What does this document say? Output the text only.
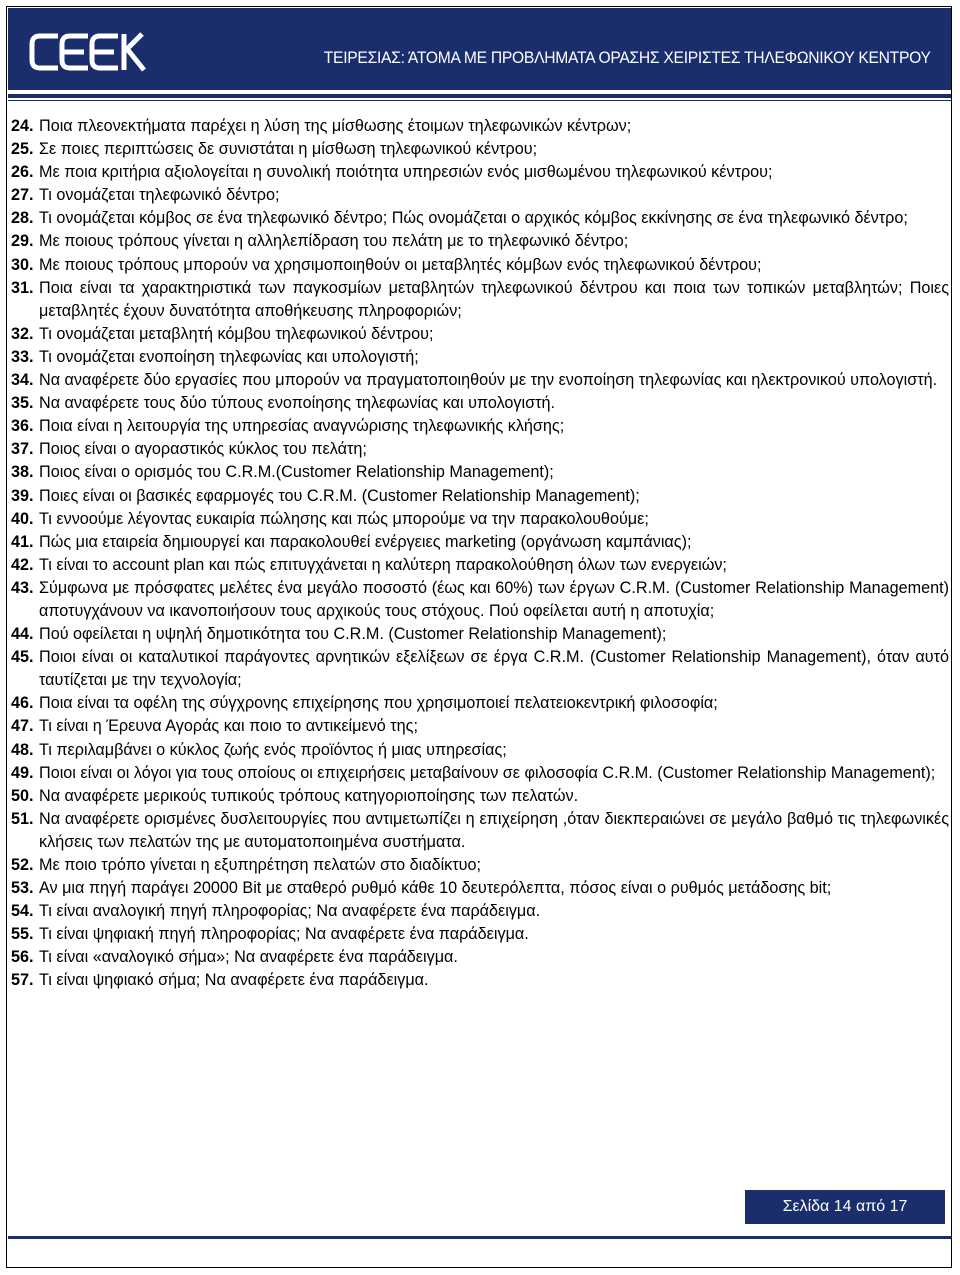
ΤΕΙΡΕΣΙΑΣ: ΆΤΟΜΑ ΜΕ ΠΡΟΒΛΗΜΑΤΑ ΟΡΑΣΗΣ ΧΕΙΡΙΣΤΕΣ ΤΗΛΕΦΩΝΙΚΟΥ ΚΕΝΤΡΟΥ
24. Ποια πλεονεκτήματα παρέχει η λύση της μίσθωσης έτοιμων τηλεφωνικών κέντρων;
25. Σε ποιες περιπτώσεις δε συνιστάται η μίσθωση τηλεφωνικού κέντρου;
26. Με ποια κριτήρια αξιολογείται η συνολική ποιότητα υπηρεσιών ενός μισθωμένου τηλεφωνικού κέντρου;
27. Τι ονομάζεται τηλεφωνικό δέντρο;
28. Τι ονομάζεται κόμβος σε ένα τηλεφωνικό δέντρο; Πώς ονομάζεται ο αρχικός κόμβος εκκίνησης σε ένα τηλεφωνικό δέντρο;
29. Με ποιους τρόπους γίνεται η αλληλεπίδραση του πελάτη με το τηλεφωνικό δέντρο;
30. Με ποιους τρόπους μπορούν να χρησιμοποιηθούν οι μεταβλητές κόμβων ενός τηλεφωνικού δέντρου;
31. Ποια είναι τα χαρακτηριστικά των παγκοσμίων μεταβλητών τηλεφωνικού δέντρου και ποια των τοπικών μεταβλητών; Ποιες μεταβλητές έχουν δυνατότητα αποθήκευσης πληροφοριών;
32. Τι ονομάζεται μεταβλητή κόμβου τηλεφωνικού δέντρου;
33. Τι ονομάζεται ενοποίηση τηλεφωνίας και υπολογιστή;
34. Να αναφέρετε δύο εργασίες που μπορούν να πραγματοποιηθούν με την ενοποίηση τηλεφωνίας και ηλεκτρονικού υπολογιστή.
35. Να αναφέρετε τους δύο τύπους ενοποίησης τηλεφωνίας και υπολογιστή.
36. Ποια είναι η λειτουργία της υπηρεσίας αναγνώρισης τηλεφωνικής κλήσης;
37. Ποιος είναι ο αγοραστικός κύκλος του πελάτη;
38. Ποιος είναι ο ορισμός του C.R.M.(Customer Relationship Management);
39. Ποιες είναι οι βασικές εφαρμογές του C.R.M. (Customer Relationship Management);
40. Τι εννοούμε λέγοντας ευκαιρία πώλησης και πώς μπορούμε να την παρακολουθούμε;
41. Πώς μια εταιρεία δημιουργεί και παρακολουθεί ενέργειες marketing (οργάνωση καμπάνιας);
42. Τι είναι το account plan και πώς επιτυγχάνεται η καλύτερη παρακολούθηση όλων των ενεργειών;
43. Σύμφωνα με πρόσφατες μελέτες ένα μεγάλο ποσοστό (έως και 60%) των έργων C.R.M. (Customer Relationship Management) αποτυγχάνουν να ικανοποιήσουν τους αρχικούς τους στόχους. Πού οφείλεται αυτή η αποτυχία;
44. Πού οφείλεται η υψηλή δημοτικότητα του C.R.M. (Customer Relationship Management);
45. Ποιοι είναι οι καταλυτικοί παράγοντες αρνητικών εξελίξεων σε έργα C.R.M. (Customer Relationship Management), όταν αυτό ταυτίζεται με την τεχνολογία;
46. Ποια είναι τα οφέλη της σύγχρονης επιχείρησης που χρησιμοποιεί πελατειοκεντρική φιλοσοφία;
47. Τι είναι η Έρευνα Αγοράς και ποιο το αντικείμενό της;
48. Τι περιλαμβάνει ο κύκλος ζωής ενός προϊόντος ή μιας υπηρεσίας;
49. Ποιοι είναι οι λόγοι για τους οποίους οι επιχειρήσεις μεταβαίνουν σε φιλοσοφία C.R.M. (Customer Relationship Management);
50. Να αναφέρετε μερικούς τυπικούς τρόπους κατηγοριοποίησης των πελατών.
51. Να αναφέρετε ορισμένες δυσλειτουργίες που αντιμετωπίζει η επιχείρηση ,όταν διεκπεραιώνει σε μεγάλο βαθμό τις τηλεφωνικές κλήσεις των πελατών της με αυτοματοποιημένα συστήματα.
52. Με ποιο τρόπο γίνεται η εξυπηρέτηση πελατών στο διαδίκτυο;
53. Αν μια πηγή παράγει 20000 Bit με σταθερό ρυθμό κάθε 10 δευτερόλεπτα, πόσος είναι ο ρυθμός μετάδοσης bit;
54. Τι είναι αναλογική πηγή πληροφορίας; Να αναφέρετε ένα παράδειγμα.
55. Τι είναι ψηφιακή πηγή πληροφορίας; Να αναφέρετε ένα παράδειγμα.
56. Τι είναι «αναλογικό σήμα»; Να αναφέρετε ένα παράδειγμα.
57. Τι είναι ψηφιακό σήμα; Να αναφέρετε ένα παράδειγμα.
Σελίδα 14 από 17
